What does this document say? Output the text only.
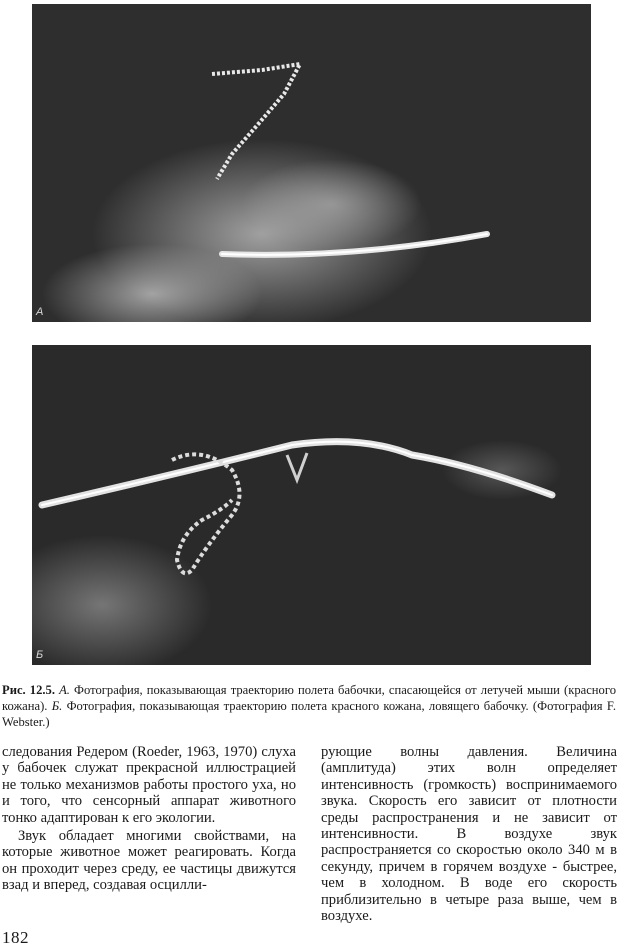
А
Б
Рис. 12.5. А. Фотография, показывающая траекторию полета бабочки, спасающейся от летучей мыши (красного кожана). Б. Фотография, показывающая траекторию полета красного кожана, ловящего бабочку. (Фотография F. Webster.)

следования Редером (Roeder, 1963, 1970) слуха у бабочек служат прекрасной иллюстрацией не только механизмов работы простого уха, но и того, что сенсорный аппарат животного тонко адаптирован к его экологии.

Звук обладает многими свойствами, на которые животное может реагировать. Когда он проходит через среду, ее частицы движутся взад и вперед, создавая осцилли-

рующие волны давления. Величина (амплитуда) этих волн определяет интенсивность (громкость) воспринимаемого звука. Скорость его зависит от плотности среды распространения и не зависит от интенсивности. В воздухе звук распространяется со скоростью около 340 м в секунду, причем в горячем воздухе - быстрее, чем в холодном. В воде его скорость приблизительно в четыре раза выше, чем в воздухе.

182
